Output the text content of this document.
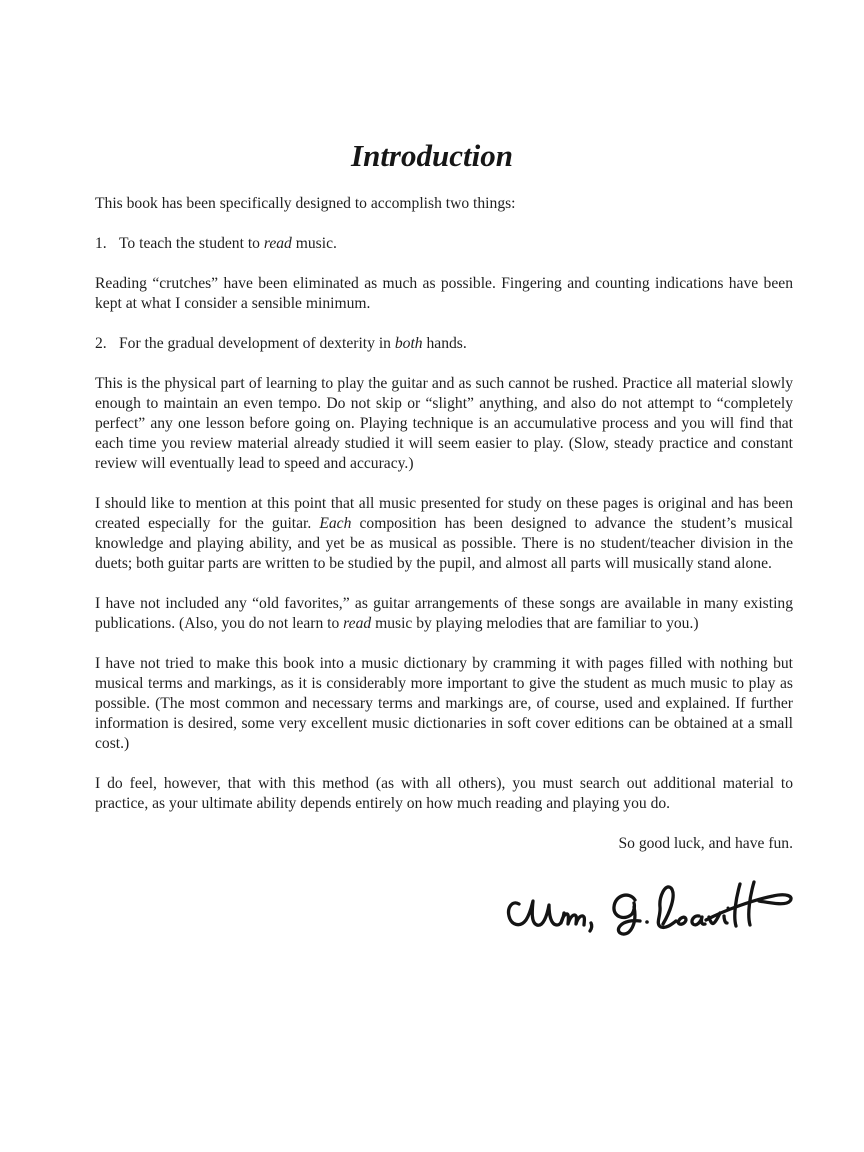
Introduction

This book has been specifically designed to accomplish two things:

1. To teach the student to read music.

Reading “crutches” have been eliminated as much as possible. Fingering and counting indications have been kept at what I consider a sensible minimum.

2. For the gradual development of dexterity in both hands.

This is the physical part of learning to play the guitar and as such cannot be rushed. Practice all material slowly enough to maintain an even tempo. Do not skip or “slight” anything, and also do not attempt to “completely perfect” any one lesson before going on. Playing technique is an accumulative process and you will find that each time you review material already studied it will seem easier to play. (Slow, steady practice and constant review will eventually lead to speed and accuracy.)

I should like to mention at this point that all music presented for study on these pages is original and has been created especially for the guitar. Each composition has been designed to advance the student’s musical knowledge and playing ability, and yet be as musical as possible. There is no student/teacher division in the duets; both guitar parts are written to be studied by the pupil, and almost all parts will musically stand alone.

I have not included any “old favorites,” as guitar arrangements of these songs are available in many existing publications. (Also, you do not learn to read music by playing melodies that are familiar to you.)

I have not tried to make this book into a music dictionary by cramming it with pages filled with nothing but musical terms and markings, as it is considerably more important to give the student as much music to play as possible. (The most common and necessary terms and markings are, of course, used and explained. If further information is desired, some very excellent music dictionaries in soft cover editions can be obtained at a small cost.)

I do feel, however, that with this method (as with all others), you must search out additional material to practice, as your ultimate ability depends entirely on how much reading and playing you do.

So good luck, and have fun.
